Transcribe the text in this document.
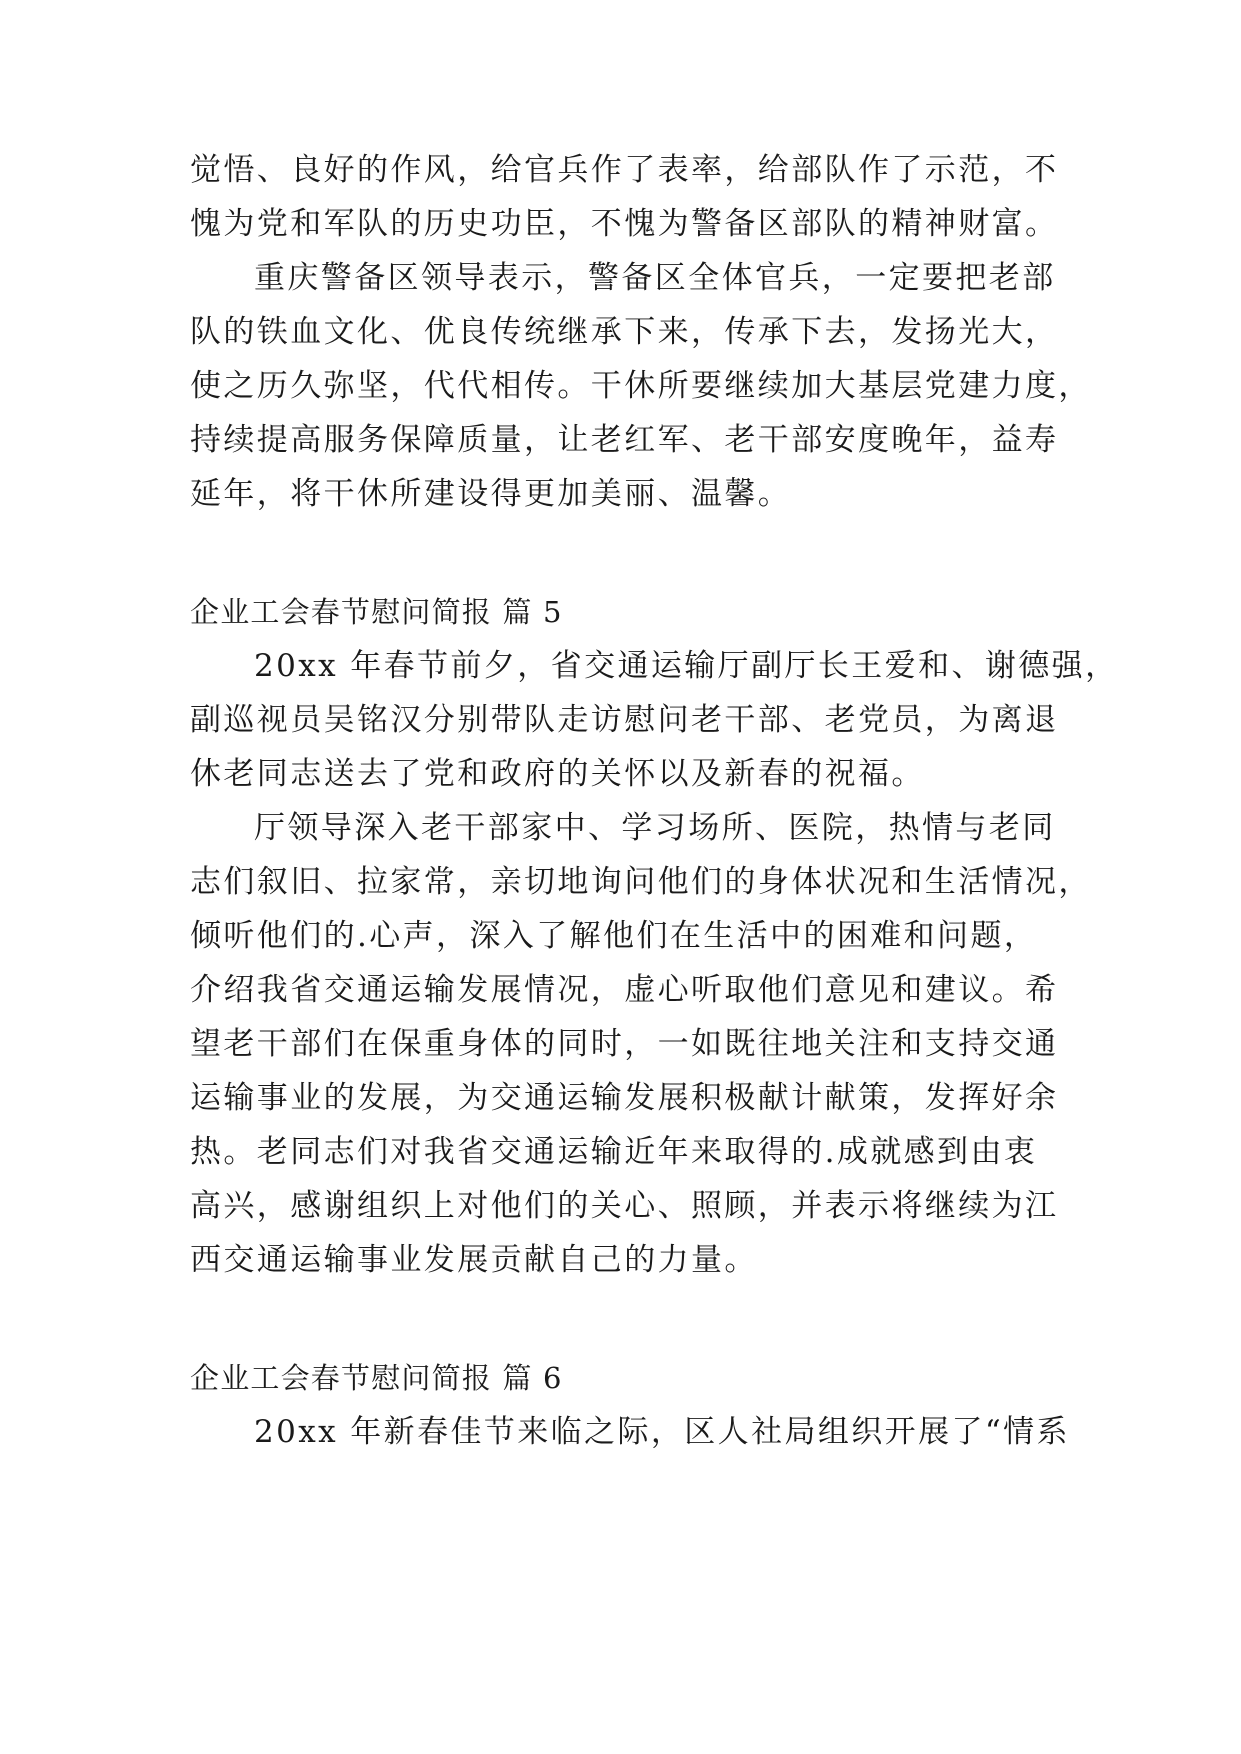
觉悟、良好的作风，给官兵作了表率，给部队作了示范，不
愧为党和军队的历史功臣，不愧为警备区部队的精神财富。
重庆警备区领导表示，警备区全体官兵，一定要把老部
队的铁血文化、优良传统继承下来，传承下去，发扬光大，
使之历久弥坚，代代相传。干休所要继续加大基层党建力度，
持续提高服务保障质量，让老红军、老干部安度晚年，益寿
延年，将干休所建设得更加美丽、温馨。
企业工会春节慰问简报 篇 5
20xx 年春节前夕，省交通运输厅副厅长王爱和、谢德强，
副巡视员吴铭汉分别带队走访慰问老干部、老党员，为离退
休老同志送去了党和政府的关怀以及新春的祝福。
厅领导深入老干部家中、学习场所、医院，热情与老同
志们叙旧、拉家常，亲切地询问他们的身体状况和生活情况，
倾听他们的.心声，深入了解他们在生活中的困难和问题，
介绍我省交通运输发展情况，虚心听取他们意见和建议。希
望老干部们在保重身体的同时，一如既往地关注和支持交通
运输事业的发展，为交通运输发展积极献计献策，发挥好余
热。老同志们对我省交通运输近年来取得的.成就感到由衷
高兴，感谢组织上对他们的关心、照顾，并表示将继续为江
西交通运输事业发展贡献自己的力量。
企业工会春节慰问简报 篇 6
20xx 年新春佳节来临之际，区人社局组织开展了“情系
